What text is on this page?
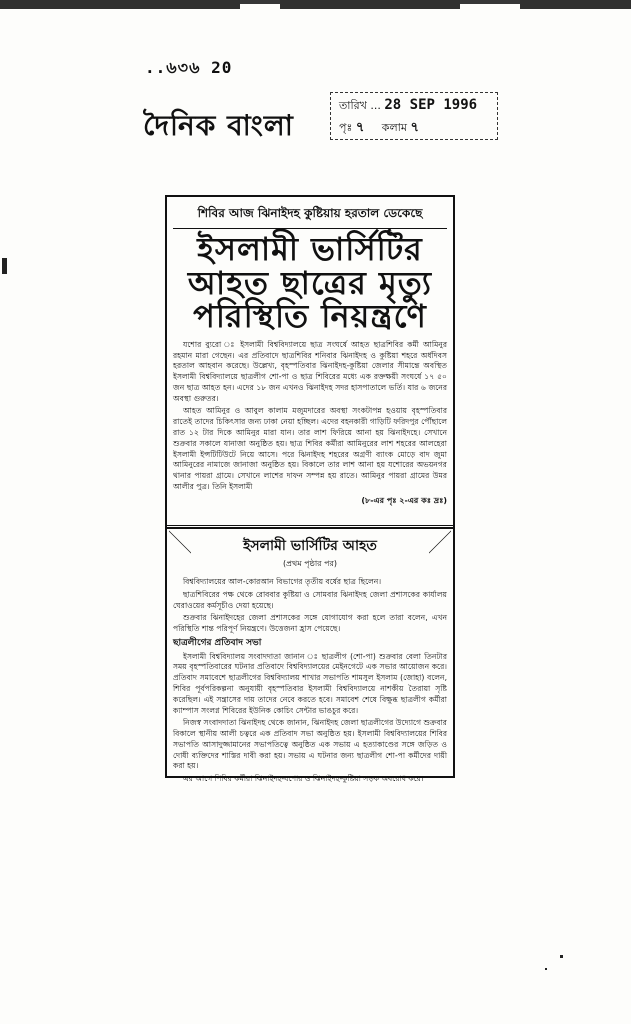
..৬৩৬ 20
দৈনিক বাংলা
তারিখ ... 28 SEP 1996
পৃঃ ৭ কলাম ৭
শিবির আজ ঝিনাইদহ কুষ্টিয়ায় হরতাল ডেকেছে
ইসলামী ভার্সিটির
আহত ছাত্রের মৃত্যু
পরিস্থিতি নিয়ন্ত্রণে

যশোর ব্যুরো ঃ ইসলামী বিশ্ববিদ্যালয়ে ছাত্র সংঘর্ষে আহত ছাত্রশিবির কর্মী আমিনুর রহমান মারা গেছেন। এর প্রতিবাদে ছাত্রশিবির শনিবার ঝিনাইদহ ও কুষ্টিয়া শহরে অর্ধদিবস হরতাল আহবান করেছে। উল্লেখ্য, বৃহস্পতিবার ঝিনাইদহ-কুষ্টিয়া জেলার সীমান্তে অবস্থিত ইসলামী বিশ্ববিদ্যালয়ে ছাত্রলীগ শো-পা ও ছাত্র শিবিরের মধ্যে এক রক্তক্ষয়ী সংঘর্ষে ১৭ ৫০ জন ছাত্র আহত হন। এদের ১৮ জন এখনও ঝিনাইদহ সদর হাসপাতালে ভর্তি। যার ৬ জনের অবস্থা গুরুতর।

আহত আমিনুর ও আবুল কালাম মজুমদারের অবস্থা সংকটাপন্ন হওয়ায় বৃহস্পতিবার রাতেই তাদের চিকিৎসার জন্য ঢাকা নেয়া হচ্ছিল। এদের বহনকারী গাড়িটি ফরিদপুর পৌঁছালে রাত ১২ টার দিকে আমিনুর মারা যান। তার লাশ ফিরিয়ে আনা হয় ঝিনাইদহে। সেখানে শুক্রবার সকালে যানাজা অনুষ্ঠিত হয়। ছাত্র শিবির কর্মীরা আমিনুরের লাশ শহরের আলহেরা ইসলামী ইন্সটিটিউটে নিয়ে আসে। পরে ঝিনাইদহ শহরের অগ্রণী ব্যাংক মোড়ে বাদ জুমা আমিনুরের নামাজে জানাজা অনুষ্ঠিত হয়। বিকালে তার লাশ আনা হয় যশোরের অভয়নগর থানার পায়রা গ্রামে। সেখানে লাশের দাফন সম্পন্ন হয় রাতে। আমিনুর পায়রা গ্রামের উমর আলীর পুত্র। তিনি ইসলামী

(৮-এর পৃঃ ২-এর কঃ দ্রঃ)
ইসলামী ভার্সিটির আহত
(প্রথম পৃষ্ঠার পর)

বিশ্ববিদ্যালয়ের আল-কোরআন বিভাগের তৃতীয় বর্ষের ছাত্র ছিলেন।

ছাত্রশিবিরের পক্ষ থেকে রোববার কুষ্টিয়া ও সোমবার ঝিনাইদহ জেলা প্রশাসকের কার্যালয় ঘেরাওয়ের কর্মসূচীও দেয়া হয়েছে।

শুক্রবার ঝিনাইদহের জেলা প্রশাসকের সঙ্গে যোগাযোগ করা হলে তারা বলেন, এখন পরিস্থিতি শান্ত পরিপূর্ণ নিয়ন্ত্রণে। উত্তেজনা হ্রাস পেয়েছে।

ছাত্রলীগের প্রতিবাদ সভা

ইসলামী বিশ্ববিদ্যালয় সংবাদদাতা জানান ঃ ছাত্রলীগ (শো-পা) শুক্রবার বেলা তিনটার সময় বৃহস্পতিবারের ঘটনার প্রতিবাদে বিশ্ববিদ্যালয়ের মেইনগেটে এক সভার আয়োজন করে। প্রতিবাদ সমাবেশে ছাত্রলীগের বিশ্ববিদ্যালয় শাখার সভাপতি শামসুল ইসলাম (জোহা) বলেন, শিবির পূর্বপরিকল্পনা অনুযায়ী বৃহস্পতিবার ইসলামী বিশ্ববিদ্যালয়ে নাশকীয় তৈরায়া সৃষ্টি করেছিল। এই সন্ত্রাসের দায় তাদের নেবে করতে হবে। সমাবেশ শেষে বিক্ষুব্ধ ছাত্রলীগ কর্মীরা ক্যাম্পাস সংলগ্ন শিবিরের ইউনিক কোচিং সেন্টার ভাঙচুর করে।

নিজস্ব সংবাদদাতা ঝিনাইদহ থেকে জানান, ঝিনাইদহ জেলা ছাত্রলীগের উদ্যোগে শুক্রবার বিকালে স্থানীয় আলী চত্বরে এক প্রতিবাদ সভা অনুষ্ঠিত হয়। ইসলামী বিশ্ববিদ্যালয়ের শিবির সভাপতি আসাদুজ্জামানের সভাপতিত্বে অনুষ্ঠিত এক সভায় এ হত্যাকাণ্ডের সঙ্গে জড়িত ও দোষী ব্যক্তিদের শাস্তির দাবী করা হয়। সভায় এ ঘটনার জন্য ছাত্রলীগ শো-পা কর্মীদের দায়ী করা হয়।

এর আগে শিবির কর্মীরা ঝিনাইদহ-যশোর ও ঝিনাইদহ-কুষ্টিয়া সড়ক অবরোধ করে।
